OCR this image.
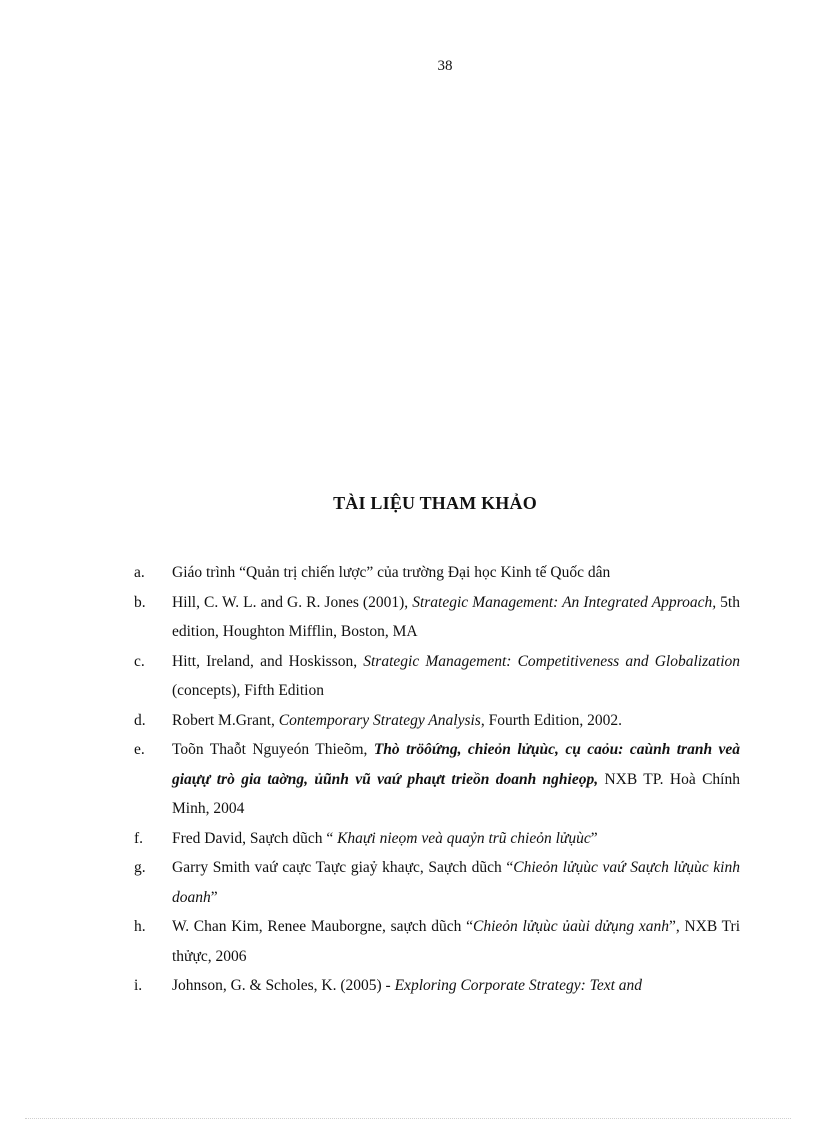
38
TÀI LIỆU THAM KHẢO
a. Giáo trình “Quản trị chiến lược” của trường Đại học Kinh tế Quốc dân
b. Hill, C. W. L. and G. R. Jones (2001), Strategic Management: An Integrated Approach, 5th edition, Houghton Mifflin, Boston, MA
c. Hitt, Ireland, and Hoskisson, Strategic Management: Competitiveness and Globalization (concepts), Fifth Edition
d. Robert M.Grant, Contemporary Strategy Analysis, Fourth Edition, 2002.
e. Toõn Thaỗt Nguyeón Thieõm, Thò tröôứng, chieỏn lửụùc, cụ caỏu: caùnh tranh veà giaựự trò gia taờng, ủũnh vũ vaứ phaựt trieồn doanh nghieọp, NXB TP. Hoà Chính Minh, 2004
f. Fred David, Saựch dũch “ Khaựi nieọm veà quaỷn trũ chieỏn lửụùc”
g. Garry Smith vaứ caực Taực giaỷ khaực, Saựch dũch “Chieỏn lửụùc vaứ Saựch lửụùc kinh doanh”
h. W. Chan Kim, Renee Mauborgne, saựch dũch “Chieỏn lửụùc ủaùi dửụng xanh”, NXB Tri thửực, 2006
i. Johnson, G. & Scholes, K. (2005) - Exploring Corporate Strategy: Text and
